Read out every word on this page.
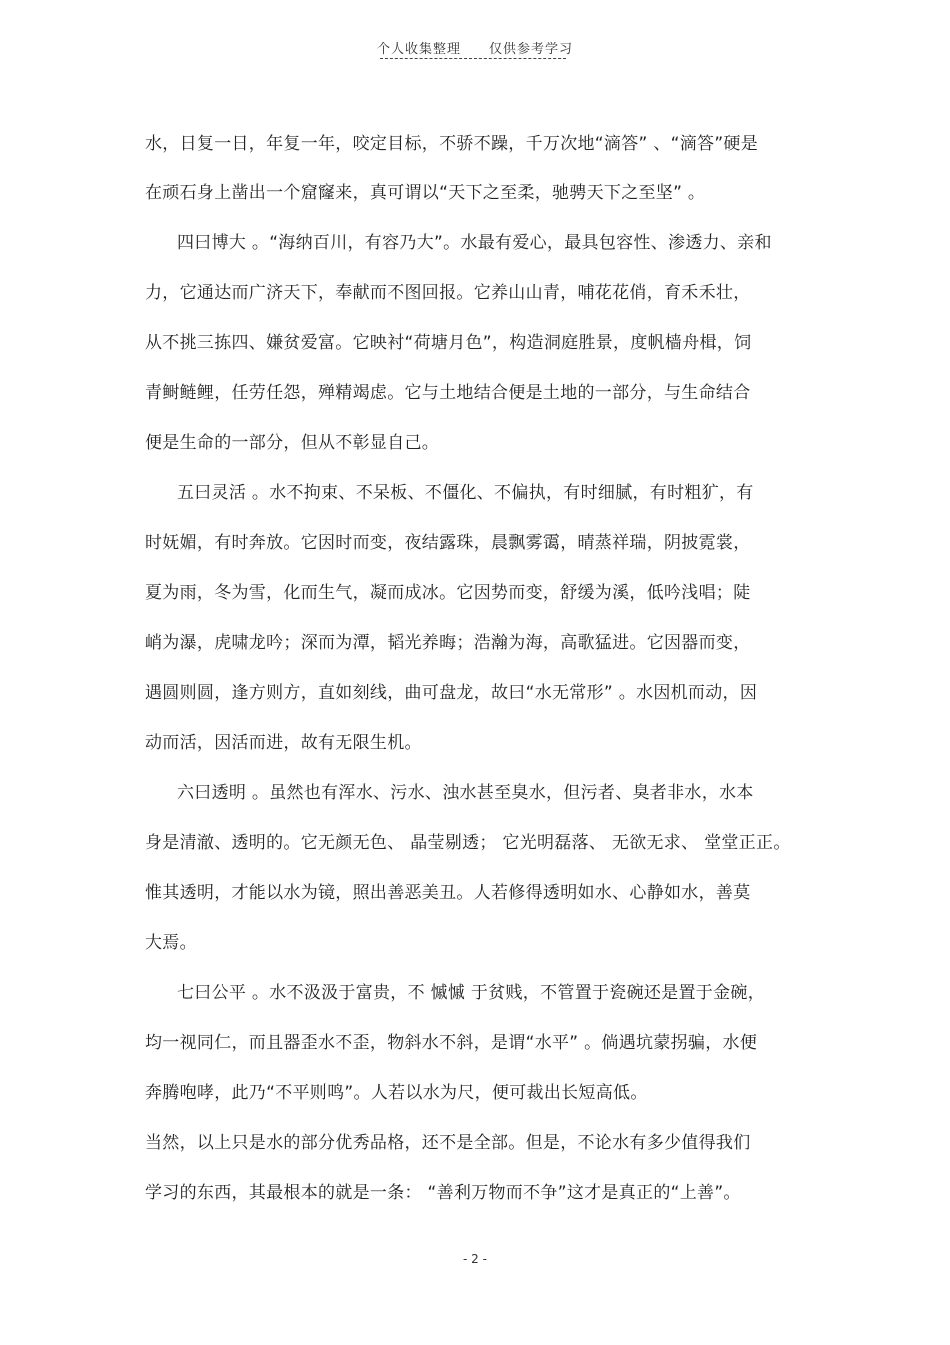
个人收集整理 仅供参考学习
水，日复一日，年复一年，咬定目标，不骄不躁，千万次地“滴答” 、“滴答”硬是
在顽石身上凿出一个窟窿来，真可谓以“天下之至柔，驰骋天下之至坚” 。
四曰博大 。“海纳百川，有容乃大”。水最有爱心，最具包容性、渗透力、亲和
力，它通达而广济天下，奉献而不图回报。它养山山青，哺花花俏，育禾禾壮，
从不挑三拣四、嫌贫爱富。它映衬“荷塘月色”，构造洞庭胜景，度帆樯舟楫，饲
青鲥鲢鲤，任劳任怨，殚精竭虑。它与土地结合便是土地的一部分，与生命结合
便是生命的一部分，但从不彰显自己。
五曰灵活 。水不拘束、不呆板、不僵化、不偏执，有时细腻，有时粗犷，有
时妩媚，有时奔放。它因时而变，夜结露珠，晨飘雾霭，晴蒸祥瑞，阴披霓裳，
夏为雨，冬为雪，化而生气，凝而成冰。它因势而变，舒缓为溪，低吟浅唱；陡
峭为瀑，虎啸龙吟；深而为潭，韬光养晦；浩瀚为海，高歌猛进。它因器而变，
遇圆则圆，逢方则方，直如刻线，曲可盘龙，故曰“水无常形” 。水因机而动，因
动而活，因活而进，故有无限生机。
六曰透明 。虽然也有浑水、污水、浊水甚至臭水，但污者、臭者非水，水本
身是清澈、透明的。它无颜无色、 晶莹剔透； 它光明磊落、 无欲无求、 堂堂正正。
惟其透明，才能以水为镜，照出善恶美丑。人若修得透明如水、心静如水，善莫
大焉。
七曰公平 。水不汲汲于富贵，不 慽慽 于贫贱，不管置于瓷碗还是置于金碗，
均一视同仁，而且器歪水不歪，物斜水不斜，是谓“水平” 。倘遇坑蒙拐骗，水便
奔腾咆哮，此乃“不平则鸣”。人若以水为尺，便可裁出长短高低。
当然，以上只是水的部分优秀品格，还不是全部。但是，不论水有多少值得我们
学习的东西，其最根本的就是一条： “善利万物而不争”这才是真正的“上善”。
- 2 -
